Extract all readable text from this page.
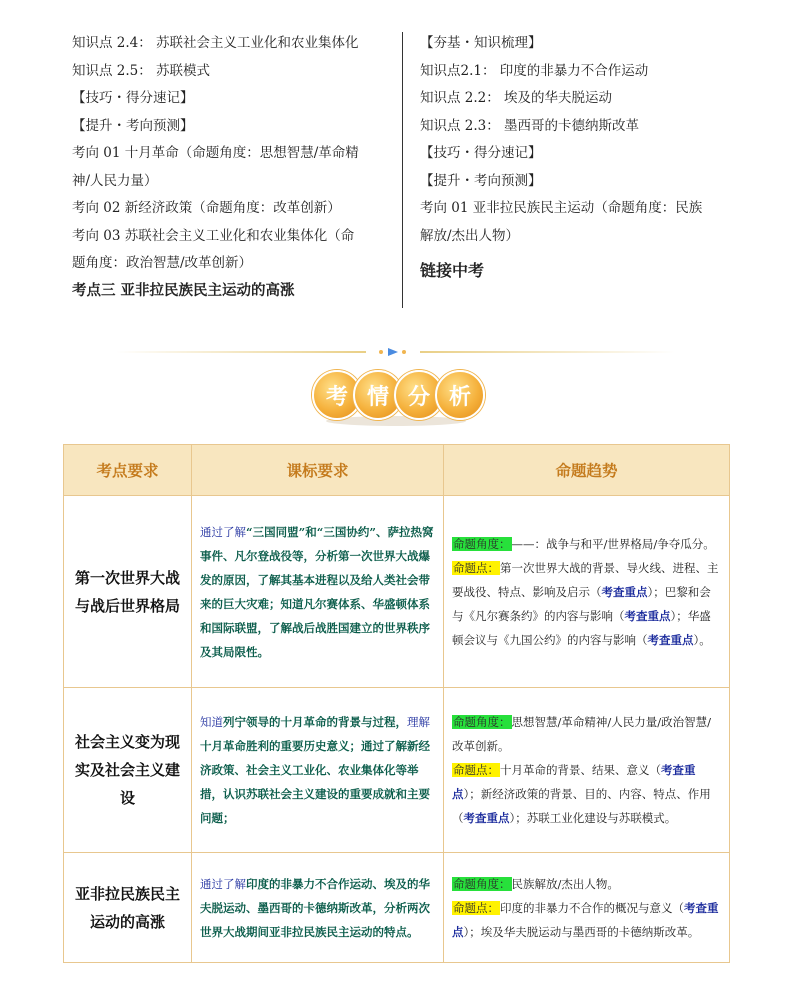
知识点 2.4： 苏联社会主义工业化和农业集体化

知识点 2.5： 苏联模式

【技巧・得分速记】

【提升・考向预测】

考向 01 十月革命（命题角度：思想智慧/革命精

神/人民力量）

考向 02 新经济政策（命题角度：改革创新）

考向 03 苏联社会主义工业化和农业集体化（命

题角度：政治智慧/改革创新）

考点三 亚非拉民族民主运动的高涨

【夯基・知识梳理】

知识点2.1： 印度的非暴力不合作运动

知识点 2.2： 埃及的华夫脱运动

知识点 2.3： 墨西哥的卡德纳斯改革

【技巧・得分速记】

【提升・考向预测】

考向 01 亚非拉民族民主运动（命题角度：民族

解放/杰出人物）

链接中考

考 情 分 析
考点要求	课标要求	命题趋势
第一次世界大战与战后世界格局	通过了解“三国同盟”和“三国协约”、萨拉热窝事件、凡尔登战役等，分析第一次世界大战爆发的原因，了解其基本进程以及给人类社会带来的巨大灾难；知道凡尔赛体系、华盛顿体系和国际联盟，了解战后战胜国建立的世界秩序及其局限性。	命题角度：——：战争与和平/世界格局/争夺瓜分。

命题点：第一次世界大战的背景、导火线、进程、主要战役、特点、影响及启示（考查重点）；巴黎和会与《凡尔赛条约》的内容与影响（考查重点）；华盛顿会议与《九国公约》的内容与影响（考查重点）。

社会主义变为现实及社会主义建设	知道列宁领导的十月革命的背景与过程，理解十月革命胜利的重要历史意义；通过了解新经济政策、社会主义工业化、农业集体化等举措，认识苏联社会主义建设的重要成就和主要问题；	命题角度：思想智慧/革命精神/人民力量/政治智慧/改革创新。

命题点：十月革命的背景、结果、意义（考查重点）；新经济政策的背景、目的、内容、特点、作用（考查重点）；苏联工业化建设与苏联模式。

亚非拉民族民主运动的高涨	通过了解印度的非暴力不合作运动、埃及的华夫脱运动、墨西哥的卡德纳斯改革，分析两次世界大战期间亚非拉民族民主运动的特点。	命题角度：民族解放/杰出人物。

命题点：印度的非暴力不合作的概况与意义（考查重点）；埃及华夫脱运动与墨西哥的卡德纳斯改革。
